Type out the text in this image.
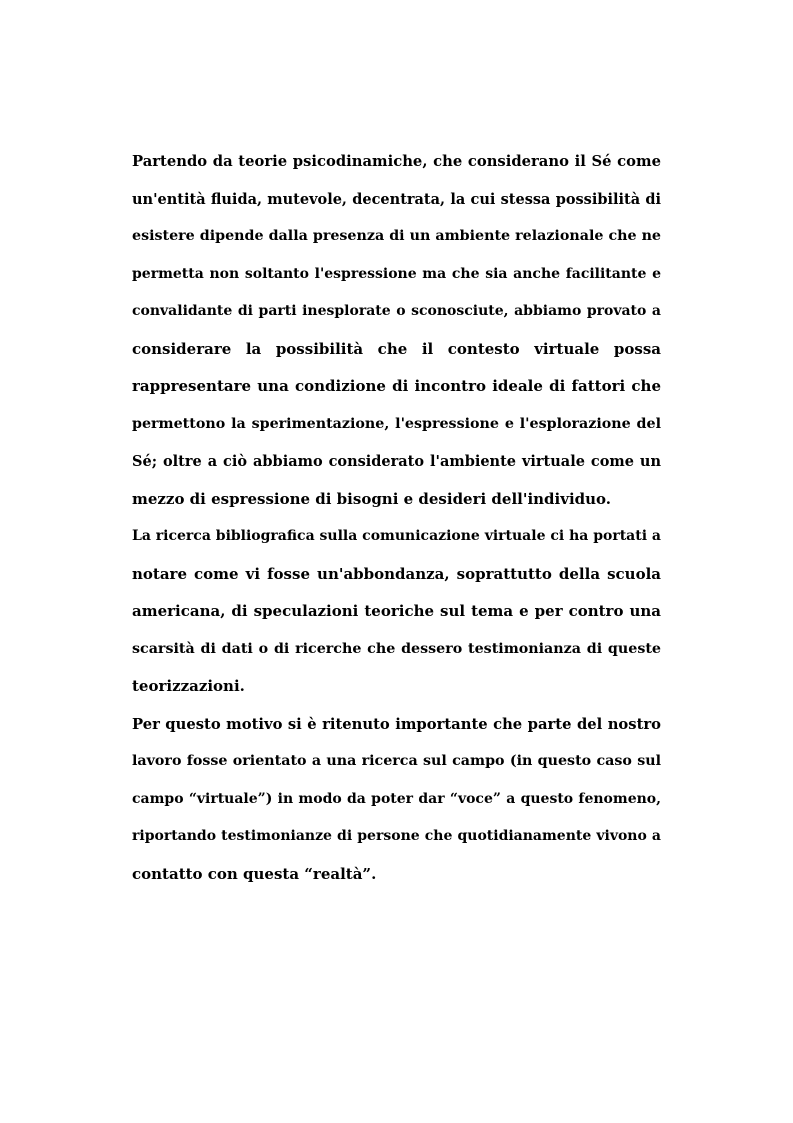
Partendo da teorie psicodinamiche, che considerano il Sé come
un'entità fluida, mutevole, decentrata, la cui stessa possibilità di
esistere dipende dalla presenza di un ambiente relazionale che ne
permetta non soltanto l'espressione ma che sia anche facilitante e
convalidante di parti inesplorate o sconosciute, abbiamo provato a
considerare la possibilità che il contesto virtuale possa
rappresentare una condizione di incontro ideale di fattori che
permettono la sperimentazione, l'espressione e l'esplorazione del
Sé; oltre a ciò abbiamo considerato l'ambiente virtuale come un
mezzo di espressione di bisogni e desideri dell'individuo.
La ricerca bibliografica sulla comunicazione virtuale ci ha portati a
notare come vi fosse un'abbondanza, soprattutto della scuola
americana, di speculazioni teoriche sul tema e per contro una
scarsità di dati o di ricerche che dessero testimonianza di queste
teorizzazioni.
Per questo motivo si è ritenuto importante che parte del nostro
lavoro fosse orientato a una ricerca sul campo (in questo caso sul
campo “virtuale”) in modo da poter dar “voce” a questo fenomeno,
riportando testimonianze di persone che quotidianamente vivono a
contatto con questa “realtà”.
